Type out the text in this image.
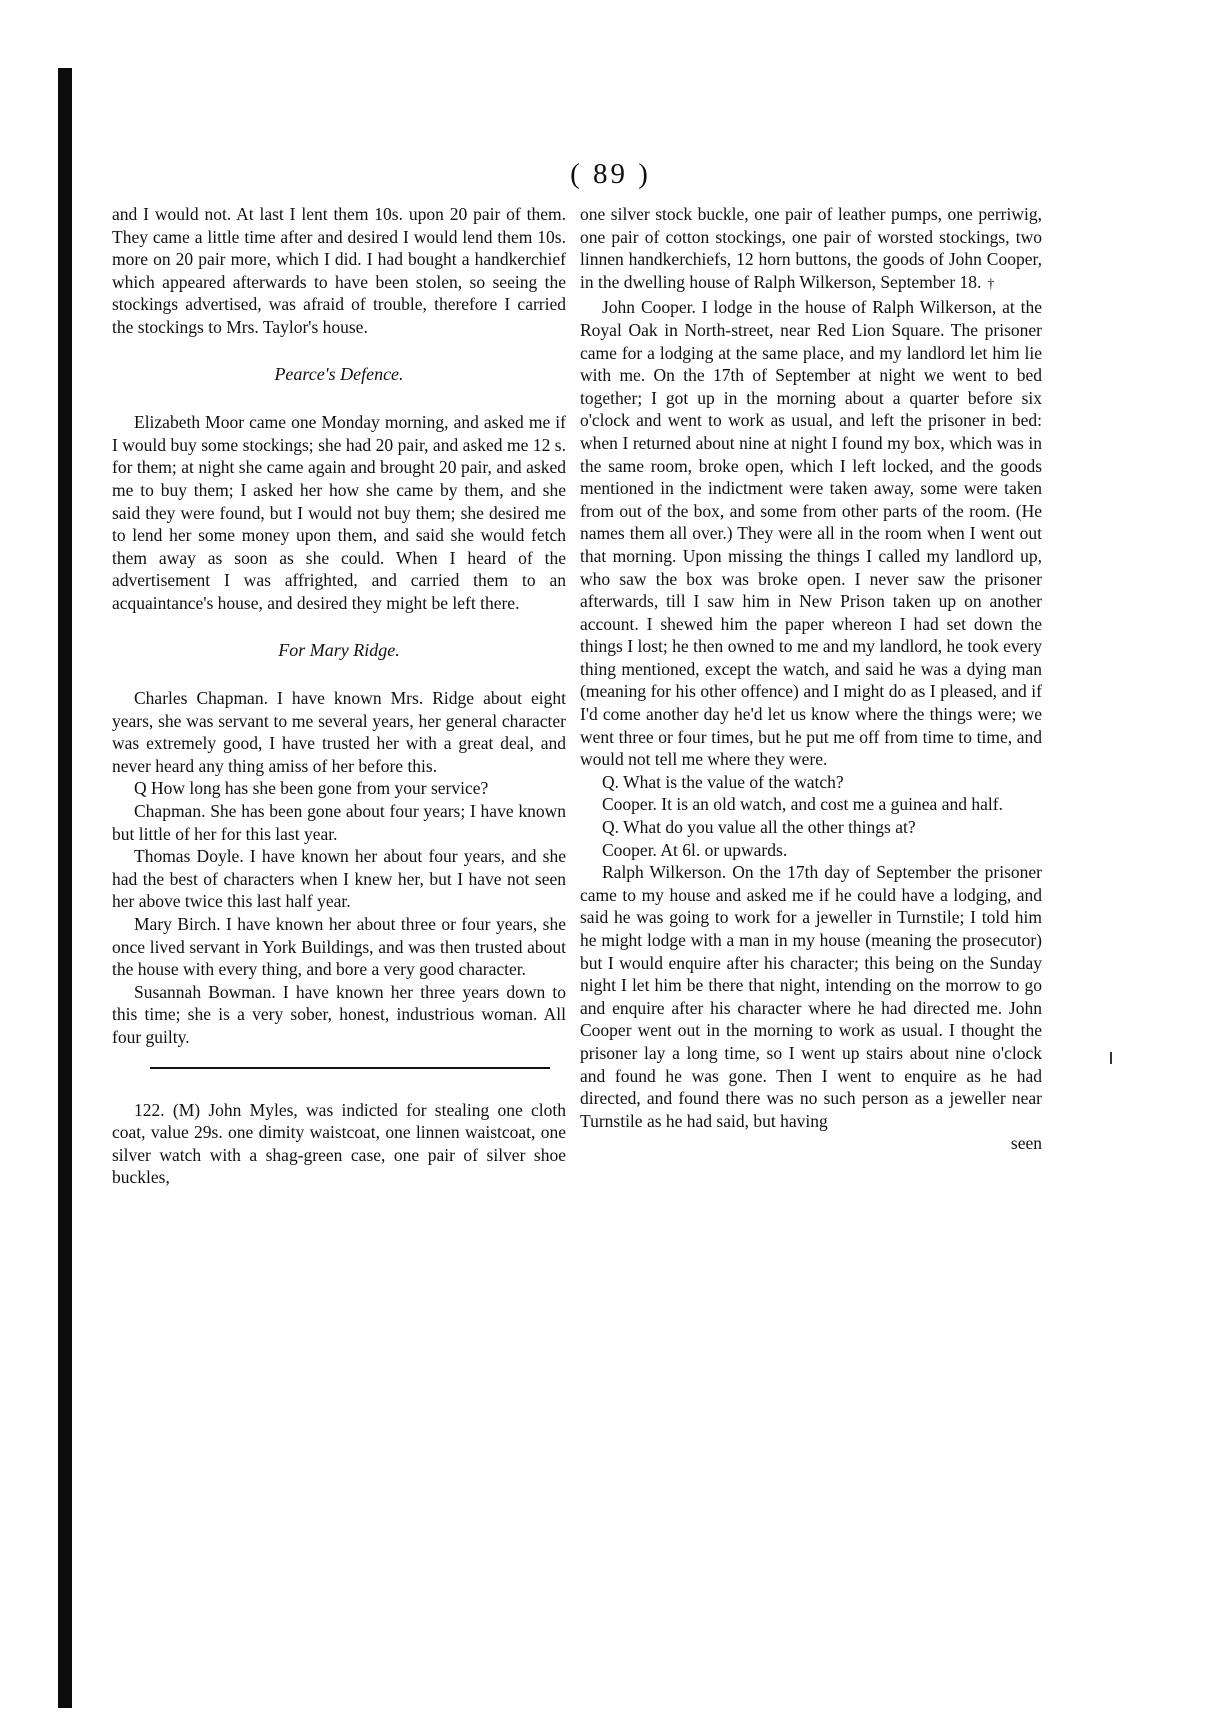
( 89 )

and I would not. At last I lent them 10s. upon 20 pair of them. They came a little time after and desired I would lend them 10s. more on 20 pair more, which I did. I had bought a handkerchief which appeared afterwards to have been stolen, so seeing the stockings advertised, was afraid of trouble, therefore I carried the stockings to Mrs. Taylor's house.

Pearce's Defence.

Elizabeth Moor came one Monday morning, and asked me if I would buy some stockings; she had 20 pair, and asked me 12 s. for them; at night she came again and brought 20 pair, and asked me to buy them; I asked her how she came by them, and she said they were found, but I would not buy them; she desired me to lend her some money upon them, and said she would fetch them away as soon as she could. When I heard of the advertisement I was affrighted, and carried them to an acquaintance's house, and desired they might be left there.

For Mary Ridge.

Charles Chapman. I have known Mrs. Ridge about eight years, she was servant to me several years, her general character was extremely good, I have trusted her with a great deal, and never heard any thing amiss of her before this.

Q How long has she been gone from your service?

Chapman. She has been gone about four years; I have known but little of her for this last year.

Thomas Doyle. I have known her about four years, and she had the best of characters when I knew her, but I have not seen her above twice this last half year.

Mary Birch. I have known her about three or four years, she once lived servant in York Buildings, and was then trusted about the house with every thing, and bore a very good character.

Susannah Bowman. I have known her three years down to this time; she is a very sober, honest, industrious woman. All four guilty.

122. (M) John Myles, was indicted for stealing one cloth coat, value 29s. one dimity waistcoat, one linnen waistcoat, one silver watch with a shag-green case, one pair of silver shoe buckles,

one silver stock buckle, one pair of leather pumps, one perriwig, one pair of cotton stockings, one pair of worsted stockings, two linnen handkerchiefs, 12 horn buttons, the goods of John Cooper, in the dwelling house of Ralph Wilkerson, September 18. †

John Cooper. I lodge in the house of Ralph Wilkerson, at the Royal Oak in North-street, near Red Lion Square. The prisoner came for a lodging at the same place, and my landlord let him lie with me. On the 17th of September at night we went to bed together; I got up in the morning about a quarter before six o'clock and went to work as usual, and left the prisoner in bed: when I returned about nine at night I found my box, which was in the same room, broke open, which I left locked, and the goods mentioned in the indictment were taken away, some were taken from out of the box, and some from other parts of the room. (He names them all over.) They were all in the room when I went out that morning. Upon missing the things I called my landlord up, who saw the box was broke open. I never saw the prisoner afterwards, till I saw him in New Prison taken up on another account. I shewed him the paper whereon I had set down the things I lost; he then owned to me and my landlord, he took every thing mentioned, except the watch, and said he was a dying man (meaning for his other offence) and I might do as I pleased, and if I'd come another day he'd let us know where the things were; we went three or four times, but he put me off from time to time, and would not tell me where they were.

Q. What is the value of the watch?

Cooper. It is an old watch, and cost me a guinea and half.

Q. What do you value all the other things at?

Cooper. At 6l. or upwards.

Ralph Wilkerson. On the 17th day of September the prisoner came to my house and asked me if he could have a lodging, and said he was going to work for a jeweller in Turnstile; I told him he might lodge with a man in my house (meaning the prosecutor) but I would enquire after his character; this being on the Sunday night I let him be there that night, intending on the morrow to go and enquire after his character where he had directed me. John Cooper went out in the morning to work as usual. I thought the prisoner lay a long time, so I went up stairs about nine o'clock and found he was gone. Then I went to enquire as he had directed, and found there was no such person as a jeweller near Turnstile as he had said, but having

seen
